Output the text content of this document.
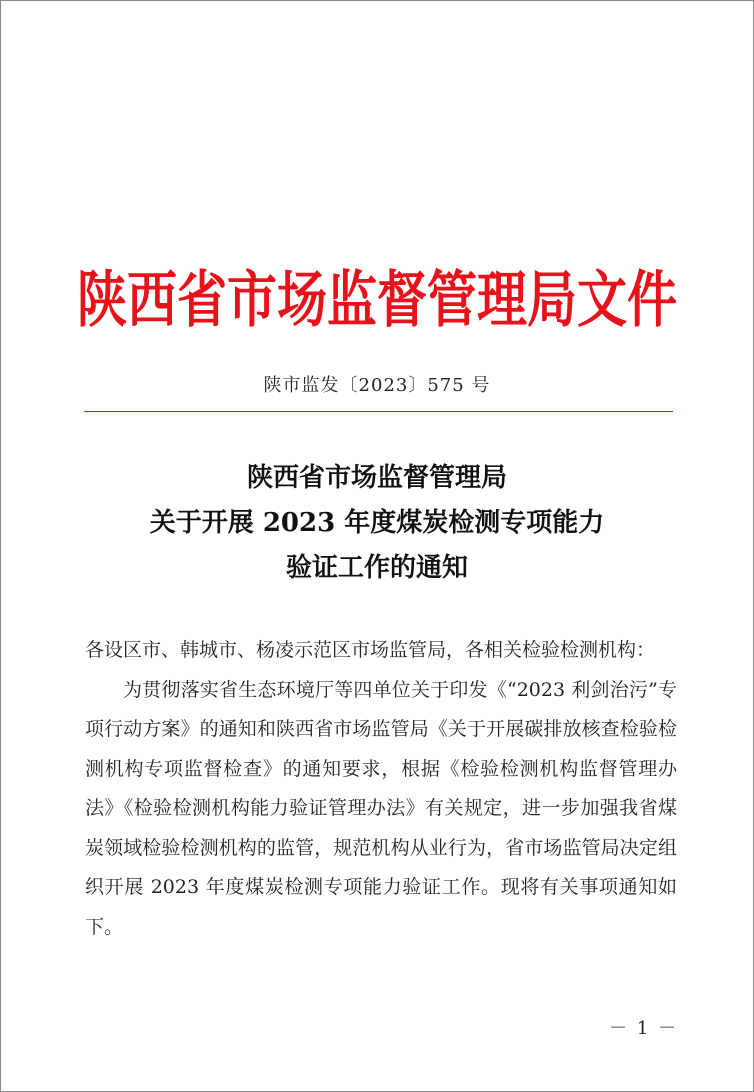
陕西省市场监督管理局文件
陕市监发〔2023〕575 号
陕西省市场监督管理局
关于开展 2023 年度煤炭检测专项能力
验证工作的通知

各设区市、韩城市、杨凌示范区市场监管局，各相关检验检测机构：

为贯彻落实省生态环境厅等四单位关于印发《“2023 利剑治污”专项行动方案》的通知和陕西省市场监管局《关于开展碳排放核查检验检测机构专项监督检查》的通知要求，根据《检验检测机构监督管理办法》《检验检测机构能力验证管理办法》有关规定，进一步加强我省煤炭领域检验检测机构的监管，规范机构从业行为，省市场监管局决定组织开展 2023 年度煤炭检测专项能力验证工作。现将有关事项通知如下。

－ 1 －
